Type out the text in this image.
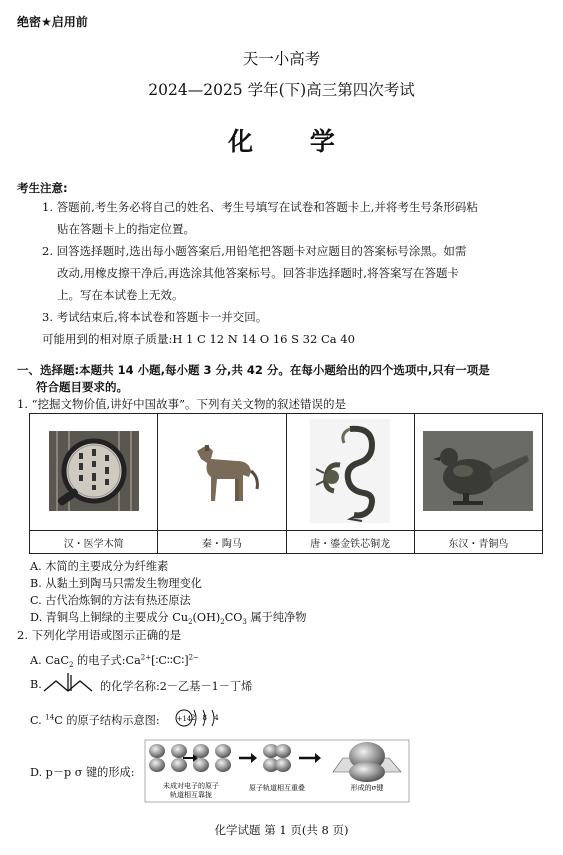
绝密★启用前
天一小高考
2024—2025 学年(下)高三第四次考试
化 学
考生注意:
1. 答题前,考生务必将自己的姓名、考生号填写在试卷和答题卡上,并将考生号条形码粘
贴在答题卡上的指定位置。
2. 回答选择题时,选出每小题答案后,用铅笔把答题卡对应题目的答案标号涂黑。如需
改动,用橡皮擦干净后,再选涂其他答案标号。回答非选择题时,将答案写在答题卡
上。写在本试卷上无效。
3. 考试结束后,将本试卷和答题卡一并交回。
可能用到的相对原子质量:H 1 C 12 N 14 O 16 S 32 Ca 40
一、选择题:本题共 14 小题,每小题 3 分,共 42 分。在每小题给出的四个选项中,只有一项是
符合题目要求的。
1. “挖掘文物价值,讲好中国故事”。下列有关文物的叙述错误的是

汉・医学木简	秦・陶马	唐・鎏金铁芯铜龙	东汉・青铜鸟
A. 木简的主要成分为纤维素
B. 从黏土到陶马只需发生物理变化
C. 古代冶炼铜的方法有热还原法
D. 青铜鸟上铜绿的主要成分 $Cu_2(OH)_2CO_3$ 属于纯净物
2. 下列化学用语或图示正确的是
A. CaC$_2$ 的电子式$:Ca^{2+}[∶C∶∶C∶]^{2-}$
B.	的化学名称:2－乙基－1－丁烯
C. $^{14}$C 的原子结构示意图: +14 2 8 4
D. p－p σ 键的形成:
未成对电子的原子
轨道相互靠拢
原子轨道相互重叠	形成的σ键
化学试题 第 1 页(共 8 页)
